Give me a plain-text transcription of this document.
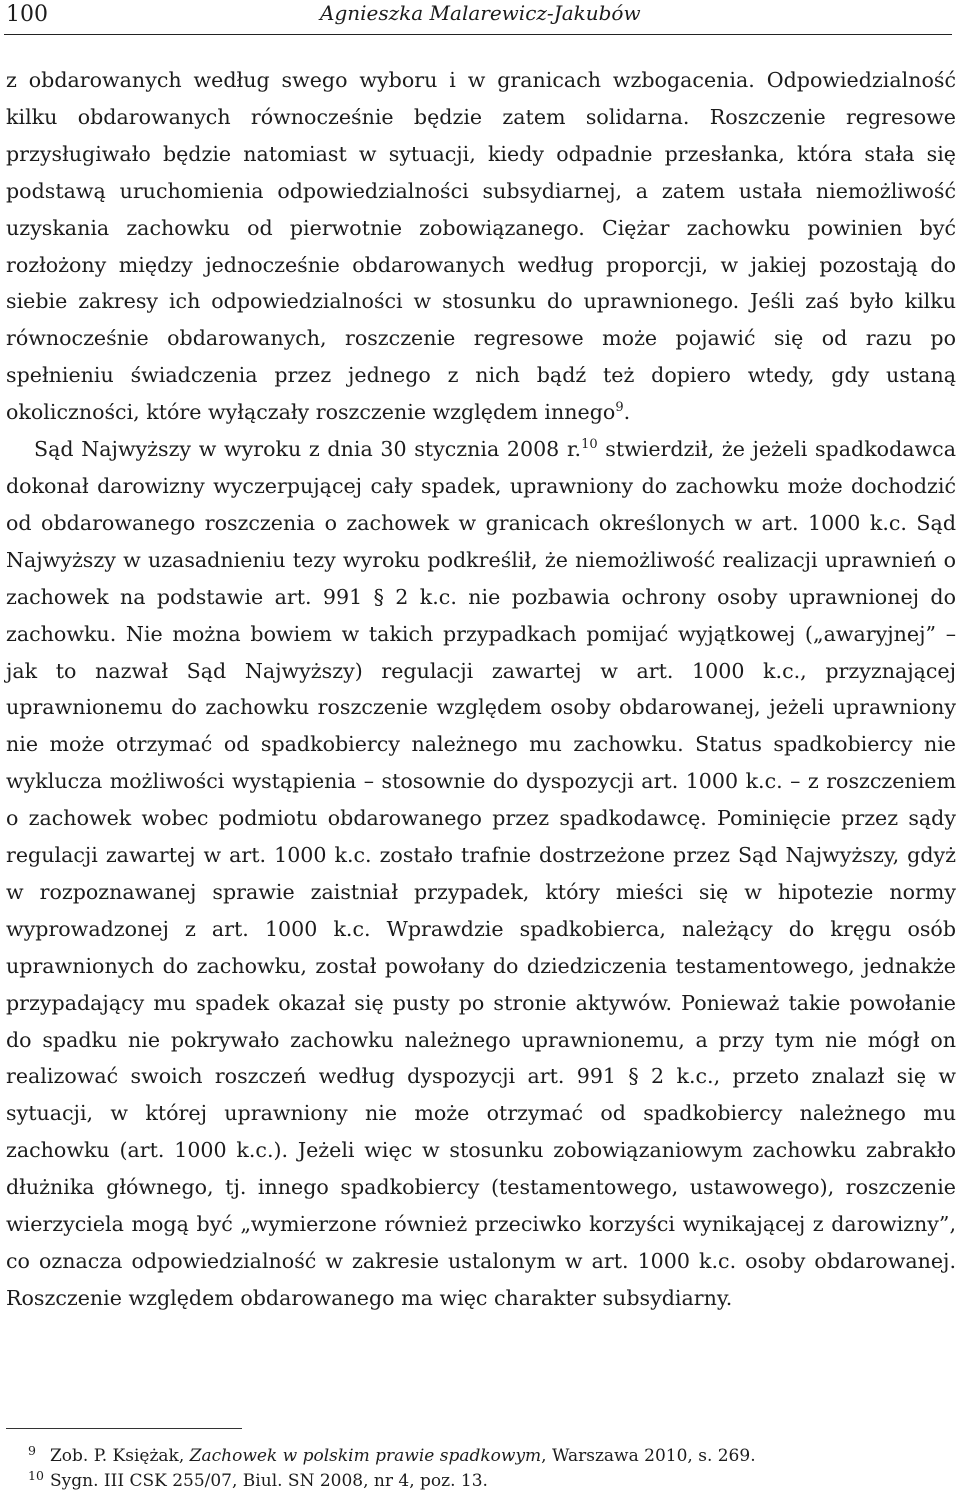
100	Agnieszka Malarewicz-Jakubów

z obdarowanych według swego wyboru i w granicach wzbogacenia. Odpowiedzialność kilku obdarowanych równocześnie będzie zatem solidarna. Roszczenie regresowe przysługiwało będzie natomiast w sytuacji, kiedy odpadnie przesłanka, która stała się podstawą uruchomienia odpowiedzialności subsydiarnej, a zatem ustała niemożliwość uzyskania zachowku od pierwotnie zobowiązanego. Ciężar zachowku powinien być rozłożony między jednocześnie obdarowanych według proporcji, w jakiej pozostają do siebie zakresy ich odpowiedzialności w stosunku do uprawnionego. Jeśli zaś było kilku równocześnie obdarowanych, roszczenie regresowe może pojawić się od razu po spełnieniu świadczenia przez jednego z nich bądź też dopiero wtedy, gdy ustaną okoliczności, które wyłączały roszczenie względem innego$^9$.

Sąd Najwyższy w wyroku z dnia 30 stycznia 2008 r.$^{10}$ stwierdził, że jeżeli spadkodawca dokonał darowizny wyczerpującej cały spadek, uprawniony do zachowku może dochodzić od obdarowanego roszczenia o zachowek w granicach określonych w art. 1000 k.c. Sąd Najwyższy w uzasadnieniu tezy wyroku podkreślił, że niemożliwość realizacji uprawnień o zachowek na podstawie art. 991 § 2 k.c. nie pozbawia ochrony osoby uprawnionej do zachowku. Nie można bowiem w takich przypadkach pomijać wyjątkowej („awaryjnej” – jak to nazwał Sąd Najwyższy) regulacji zawartej w art. 1000 k.c., przyznającej uprawnionemu do zachowku roszczenie względem osoby obdarowanej, jeżeli uprawniony nie może otrzymać od spadkobiercy należnego mu zachowku. Status spadkobiercy nie wyklucza możliwości wystąpienia – stosownie do dyspozycji art. 1000 k.c. – z roszczeniem o zachowek wobec podmiotu obdarowanego przez spadkodawcę. Pominięcie przez sądy regulacji zawartej w art. 1000 k.c. zostało trafnie dostrzeżone przez Sąd Najwyższy, gdyż w rozpoznawanej sprawie zaistniał przypadek, który mieści się w hipotezie normy wyprowadzonej z art. 1000 k.c. Wprawdzie spadkobierca, należący do kręgu osób uprawnionych do zachowku, został powołany do dziedziczenia testamentowego, jednakże przypadający mu spadek okazał się pusty po stronie aktywów. Ponieważ takie powołanie do spadku nie pokrywało zachowku należnego uprawnionemu, a przy tym nie mógł on realizować swoich roszczeń według dyspozycji art. 991 § 2 k.c., przeto znalazł się w sytuacji, w której uprawniony nie może otrzymać od spadkobiercy należnego mu zachowku (art. 1000 k.c.). Jeżeli więc w stosunku zobowiązaniowym zachowku zabrakło dłużnika głównego, tj. innego spadkobiercy (testamentowego, ustawowego), roszczenie wierzyciela mogą być „wymierzone również przeciwko korzyści wynikającej z darowizny”, co oznacza odpowiedzialność w zakresie ustalonym w art. 1000 k.c. osoby obdarowanej. Roszczenie względem obdarowanego ma więc charakter subsydiarny.

9 Zob. P. Księżak, Zachowek w polskim prawie spadkowym, Warszawa 2010, s. 269.
10 Sygn. III CSK 255/07, Biul. SN 2008, nr 4, poz. 13.
